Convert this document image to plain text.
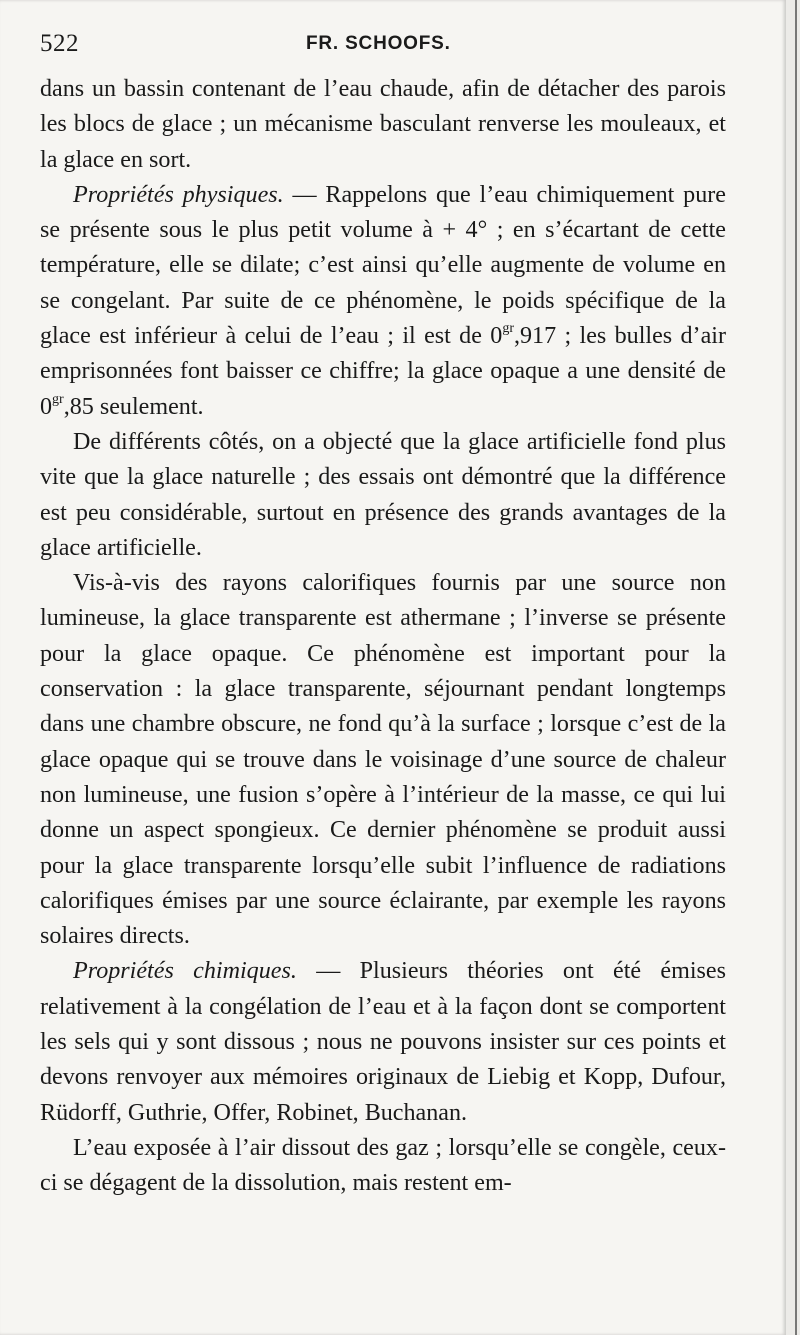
522	FR. SCHOOFS.

dans un bassin contenant de l’eau chaude, afin de détacher des parois les blocs de glace ; un mécanisme basculant renverse les mouleaux, et la glace en sort.

Propriétés physiques. — Rappelons que l’eau chimiquement pure se présente sous le plus petit volume à + 4° ; en s’écartant de cette température, elle se dilate; c’est ainsi qu’elle augmente de volume en se congelant. Par suite de ce phénomène, le poids spécifique de la glace est inférieur à celui de l’eau ; il est de $0^{gr},917$ ; les bulles d’air emprisonnées font baisser ce chiffre; la glace opaque a une densité de $0^{gr},85$ seulement.

De différents côtés, on a objecté que la glace artificielle fond plus vite que la glace naturelle ; des essais ont démontré que la différence est peu considérable, surtout en présence des grands avantages de la glace artificielle.

Vis-à-vis des rayons calorifiques fournis par une source non lumineuse, la glace transparente est athermane ; l’inverse se présente pour la glace opaque. Ce phénomène est important pour la conservation : la glace transparente, séjournant pendant longtemps dans une chambre obscure, ne fond qu’à la surface ; lorsque c’est de la glace opaque qui se trouve dans le voisinage d’une source de chaleur non lumineuse, une fusion s’opère à l’intérieur de la masse, ce qui lui donne un aspect spongieux. Ce dernier phénomène se produit aussi pour la glace transparente lorsqu’elle subit l’influence de radiations calorifiques émises par une source éclairante, par exemple les rayons solaires directs.

Propriétés chimiques. — Plusieurs théories ont été émises relativement à la congélation de l’eau et à la façon dont se comportent les sels qui y sont dissous ; nous ne pouvons insister sur ces points et devons renvoyer aux mémoires originaux de Liebig et Kopp, Dufour, Rüdorff, Guthrie, Offer, Robinet, Buchanan.

L’eau exposée à l’air dissout des gaz ; lorsqu’elle se congèle, ceux-ci se dégagent de la dissolution, mais restent em-
